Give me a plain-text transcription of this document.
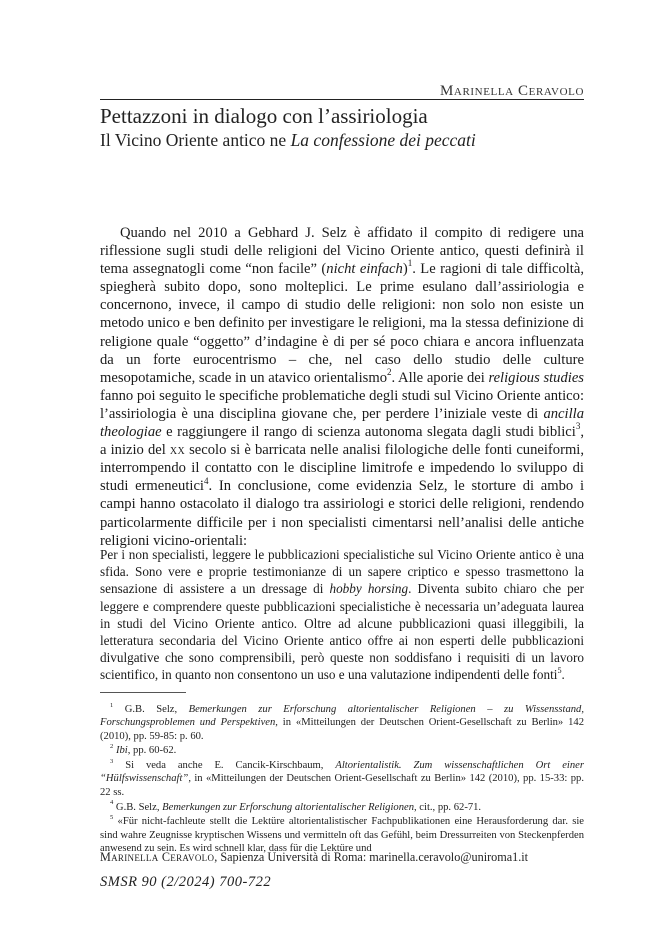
Marinella Ceravolo
Pettazzoni in dialogo con l’assiriologia
Il Vicino Oriente antico ne La confessione dei peccati

Quando nel 2010 a Gebhard J. Selz è affidato il compito di redigere una riflessione sugli studi delle religioni del Vicino Oriente antico, questi definirà il tema assegnatogli come “non facile” (nicht einfach)$^1$. Le ragioni di tale difficoltà, spiegherà subito dopo, sono molteplici. Le prime esulano dall’assiriologia e concernono, invece, il campo di studio delle religioni: non solo non esiste un metodo unico e ben definito per investigare le religioni, ma la stessa definizione di religione quale “oggetto” d’indagine è di per sé poco chiara e ancora influenzata da un forte eurocentrismo – che, nel caso dello studio delle culture mesopotamiche, scade in un atavico orientalismo$^2$. Alle aporie dei religious studies fanno poi seguito le specifiche problematiche degli studi sul Vicino Oriente antico: l’assiriologia è una disciplina giovane che, per perdere l’iniziale veste di ancilla theologiae e raggiungere il rango di scienza autonoma slegata dagli studi biblici$^3$, a inizio del xx secolo si è barricata nelle analisi filologiche delle fonti cuneiformi, interrompendo il contatto con le discipline limitrofe e impedendo lo sviluppo di studi ermeneutici$^4$. In conclusione, come evidenzia Selz, le storture di ambo i campi hanno ostacolato il dialogo tra assiriologi e storici delle religioni, rendendo particolarmente difficile per i non specialisti cimentarsi nell’analisi delle antiche religioni vicino-orientali:

Per i non specialisti, leggere le pubblicazioni specialistiche sul Vicino Oriente antico è una sfida. Sono vere e proprie testimonianze di un sapere criptico e spesso trasmettono la sensazione di assistere a un dressage di hobby horsing. Diventa subito chiaro che per leggere e comprendere queste pubblicazioni specialistiche è necessaria un’adeguata laurea in studi del Vicino Oriente antico. Oltre ad alcune pubblicazioni quasi illeggibili, la letteratura secondaria del Vicino Oriente antico offre ai non esperti delle pubblicazioni divulgative che sono comprensibili, però queste non soddisfano i requisiti di un lavoro scientifico, in quanto non consentono un uso e una valutazione indipendenti delle fonti$^5$.

$^1$ G.B. Selz, Bemerkungen zur Erforschung altorientalischer Religionen – zu Wissensstand, Forschungsproblemen und Perspektiven, in «Mitteilungen der Deutschen Orient-Gesellschaft zu Berlin» 142 (2010), pp. 59-85: p. 60.

$^2$ Ibi, pp. 60-62.

$^3$ Si veda anche E. Cancik-Kirschbaum, Altorientalistik. Zum wissenschaftlichen Ort einer “Hülfswissenschaft”, in «Mitteilungen der Deutschen Orient-Gesellschaft zu Berlin» 142 (2010), pp. 15-33: pp. 22 ss.

$^4$ G.B. Selz, Bemerkungen zur Erforschung altorientalischer Religionen, cit., pp. 62-71.

$^5$ «Für nicht-fachleute stellt die Lektüre altorientalistischer Fachpublikationen eine Herausforderung dar. sie sind wahre Zeugnisse kryptischen Wissens und vermitteln oft das Gefühl, beim Dressurreiten von Steckenpferden anwesend zu sein. Es wird schnell klar, dass für die Lektüre und

Marinella Ceravolo, Sapienza Università di Roma: marinella.ceravolo@uniroma1.it
SMSR 90 (2/2024) 700-722
